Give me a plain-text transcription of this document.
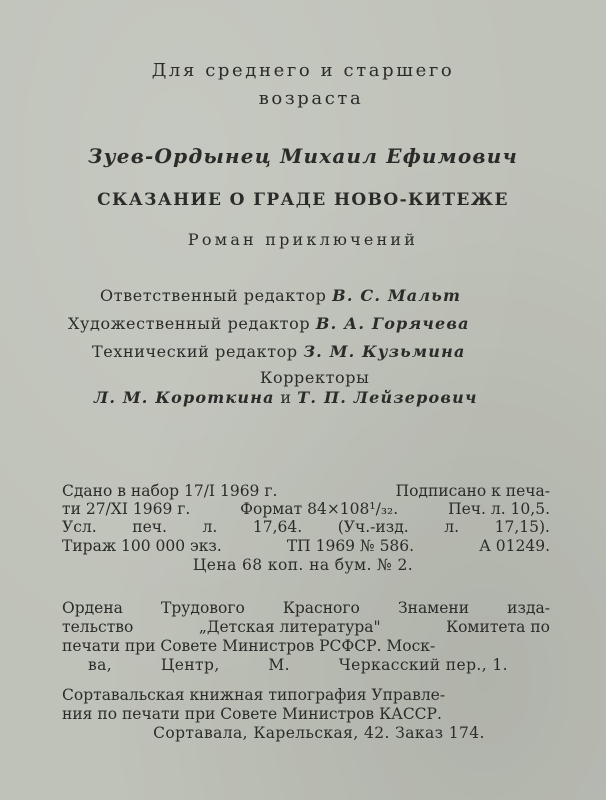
Для среднего и старшего
возраста
Зуев-Ордынец Михаил Ефимович
СКАЗАНИЕ О ГРАДЕ НОВО-КИТЕЖЕ
Роман приключений
Ответственный редактор В. С. Мальт
Художественный редактор В. А. Горячева
Технический редактор З. М. Кузьмина
Корректоры
Л. М. Короткина и Т. П. Лейзерович
Сдано в набор 17/I 1969 г.	Подписано к печа-
ти 27/XI 1969 г.	Формат 84×108¹/₃₂.	Печ. л. 10,5.
Усл. печ. л. 17,64. (Уч.-изд. л. 17,15).
Тираж 100 000 экз.	ТП 1969 № 586.	А 01249.
Цена 68 коп. на бум. № 2.
Ордена Трудового Красного Знамени изда-
тельство	„Детская литература"	Комитета по
печати при Совете Министров РСФСР. Моск-
ва,	Центр,	М.	Черкасский пер., 1.
Сортавальская книжная типография Управле-
ния по печати при Совете Министров КАССР.
Сортавала, Карельская, 42. Заказ 174.
